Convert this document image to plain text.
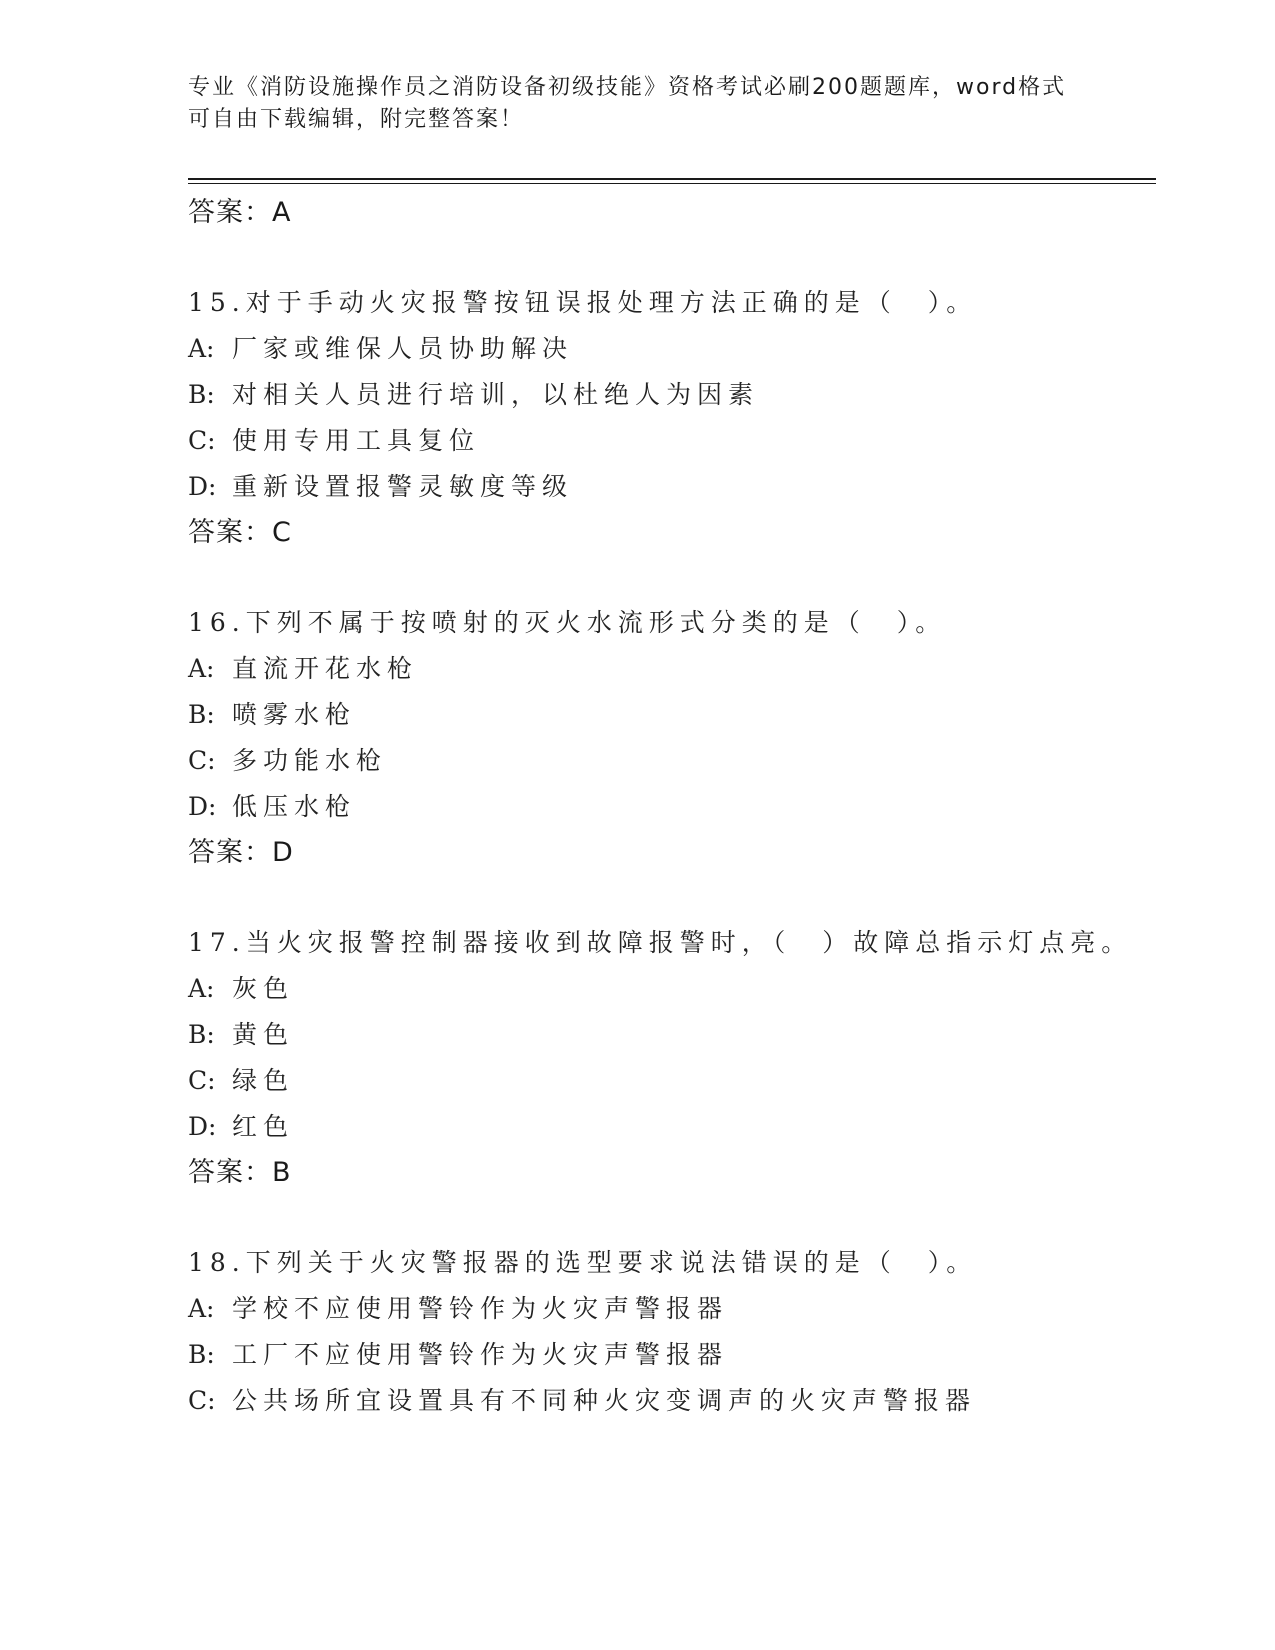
专业《消防设施操作员之消防设备初级技能》资格考试必刷200题题库，word格式可自由下载编辑，附完整答案！
答案：A
15.对于手动火灾报警按钮误报处理方法正确的是（　）。
A: 厂家或维保人员协助解决
B: 对相关人员进行培训，以杜绝人为因素
C: 使用专用工具复位
D: 重新设置报警灵敏度等级
答案：C
16.下列不属于按喷射的灭火水流形式分类的是（　）。
A: 直流开花水枪
B: 喷雾水枪
C: 多功能水枪
D: 低压水枪
答案：D
17.当火灾报警控制器接收到故障报警时，（　）故障总指示灯点亮。
A: 灰色
B: 黄色
C: 绿色
D: 红色
答案：B
18.下列关于火灾警报器的选型要求说法错误的是（　）。
A: 学校不应使用警铃作为火灾声警报器
B: 工厂不应使用警铃作为火灾声警报器
C: 公共场所宜设置具有不同种火灾变调声的火灾声警报器
